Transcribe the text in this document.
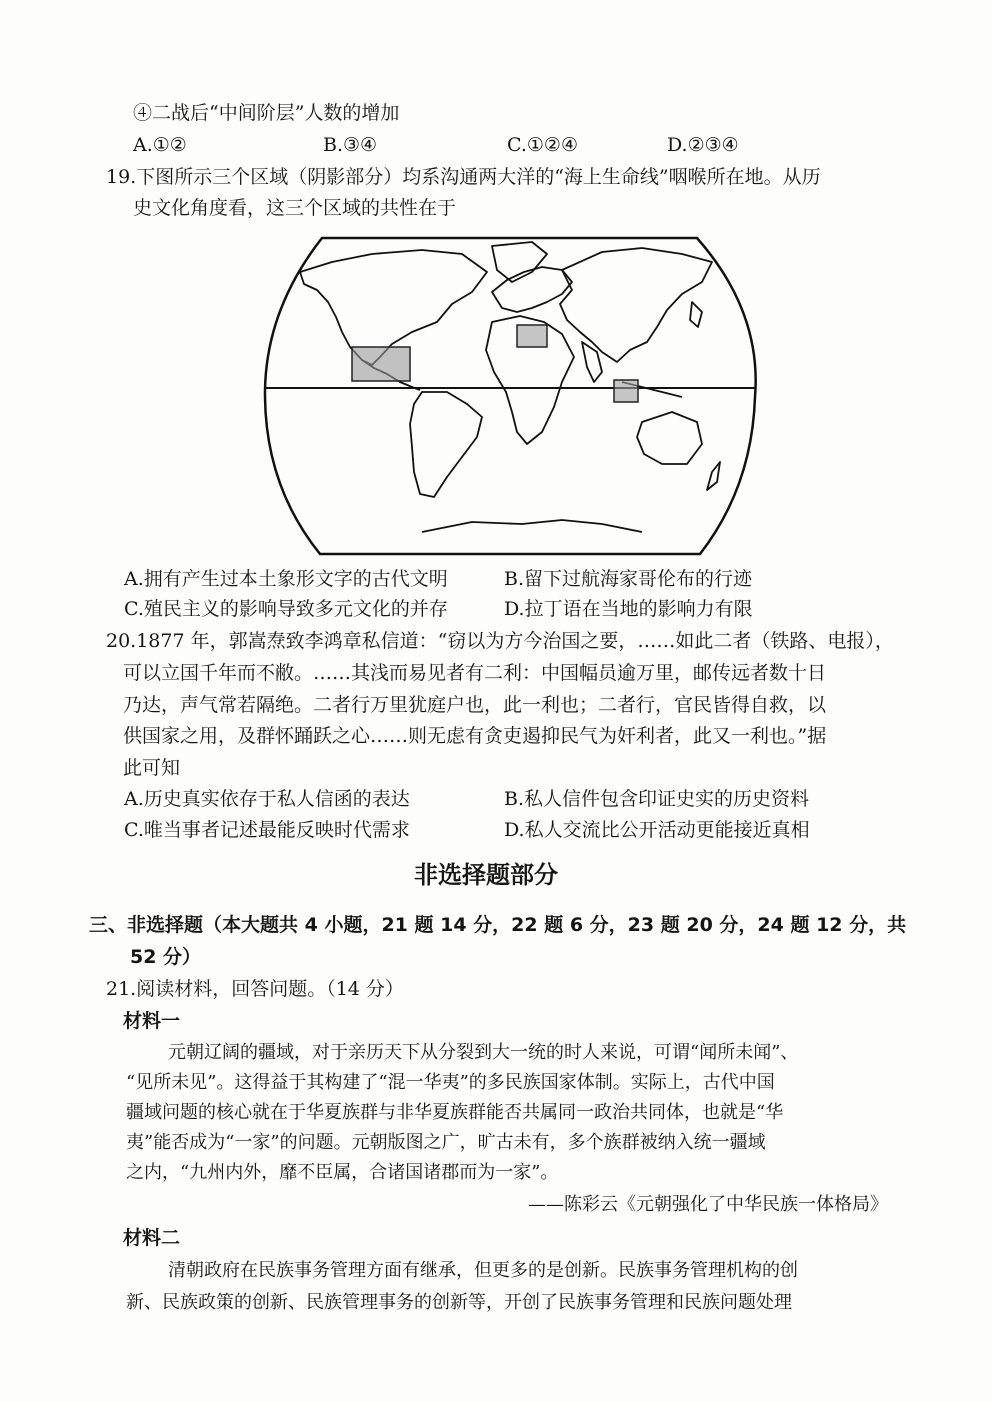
④二战后“中间阶层”人数的增加
A.①②	B.③④	C.①②④	D.②③④
19.下图所示三个区域（阴影部分）均系沟通两大洋的“海上生命线”咽喉所在地。从历
史文化角度看，这三个区域的共性在于
A.拥有产生过本土象形文字的古代文明	B.留下过航海家哥伦布的行迹
C.殖民主义的影响导致多元文化的并存	D.拉丁语在当地的影响力有限
20.1877 年，郭嵩焘致李鸿章私信道：“窃以为方今治国之要，……如此二者（铁路、电报），
可以立国千年而不敝。……其浅而易见者有二利：中国幅员逾万里，邮传远者数十日
乃达，声气常若隔绝。二者行万里犹庭户也，此一利也；二者行，官民皆得自救，以
供国家之用，及群怀踊跃之心……则无虑有贪吏遏抑民气为奸利者，此又一利也。”据
此可知
A.历史真实依存于私人信函的表达	B.私人信件包含印证史实的历史资料
C.唯当事者记述最能反映时代需求	D.私人交流比公开活动更能接近真相
非选择题部分
三、非选择题（本大题共 4 小题，21 题 14 分，22 题 6 分，23 题 20 分，24 题 12 分，共
52 分）
21.阅读材料，回答问题。（14 分）
材料一
元朝辽阔的疆域，对于亲历天下从分裂到大一统的时人来说，可谓“闻所未闻”、
“见所未见”。这得益于其构建了“混一华夷”的多民族国家体制。实际上，古代中国
疆域问题的核心就在于华夏族群与非华夏族群能否共属同一政治共同体，也就是“华
夷”能否成为“一家”的问题。元朝版图之广，旷古未有，多个族群被纳入统一疆域
之内，“九州内外，靡不臣属，合诸国诸郡而为一家”。
——陈彩云《元朝强化了中华民族一体格局》
材料二
清朝政府在民族事务管理方面有继承，但更多的是创新。民族事务管理机构的创
新、民族政策的创新、民族管理事务的创新等，开创了民族事务管理和民族问题处理
